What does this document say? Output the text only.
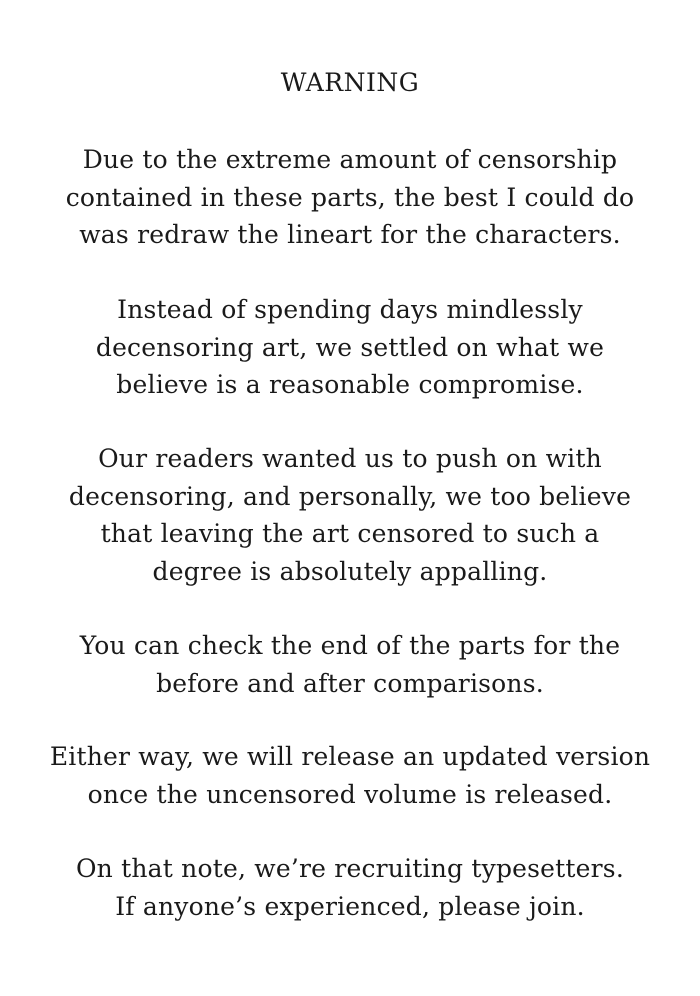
WARNING
Due to the extreme amount of censorship
contained in these parts, the best I could do
was redraw the lineart for the characters.
Instead of spending days mindlessly
decensoring art, we settled on what we
believe is a reasonable compromise.
Our readers wanted us to push on with
decensoring, and personally, we too believe
that leaving the art censored to such a
degree is absolutely appalling.
You can check the end of the parts for the
before and after comparisons.
Either way, we will release an updated version
once the uncensored volume is released.
On that note, we’re recruiting typesetters.
If anyone’s experienced, please join.
